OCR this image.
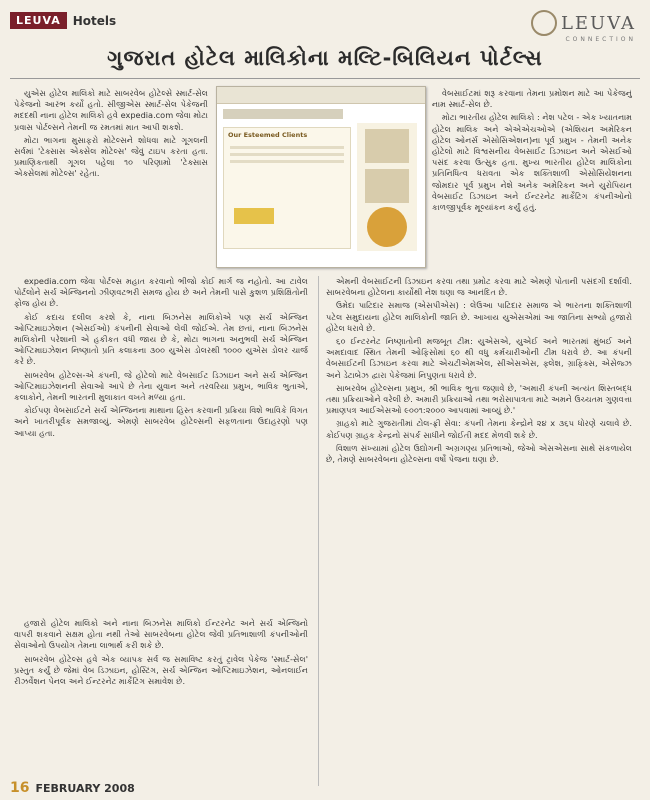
LEUVA	Hotels	LEUVA
CONNECTION
ગુજરાત હોટેલ માલિકોના મલ્ટિ-બિલિયન પોર્ટલ્સ

યુએસ હોટેલ માલિકો માટે સાબરવેબ હોટેલ્સે સ્માર્ટ-સેલ પેકેજનો આરંભ કર્યો હતો. સીજીએસ સ્માર્ટ-સેલ પેકેજની મદદથી નાના હોટેલ માલિકો હવે expedia.com જેવા મોટા પ્રવાસ પોર્ટલ્સને તેમની જ રમતમાં માત આપી શકશે.

મોટા ભાગના મુસાફરો મોટેલ્સને શોધવા માટે ગૂગલની સર્વમાં 'ટેક્સાસ એક્સેલ મોટેલ્સ' જેવું ટાઇપ કરતા હતા. પ્રમાણિકતાથી ગૂગલ પહેલા ૧૦ પરિણામો 'ટેક્સાસ એક્સેલમાં મોટેલ્સ' રહેતા.

Our Esteemed Clients

વેબસાઈટમાં શરૂ કરવાના તેમના પ્રમોશન માટે આ પેકેજનું નામ સ્માર્ટ-સેલ છે.

મોટા ભારતીય હોટેલ માલિકો : નેશ પટેલ - એક ખ્યાતનામ હોટેલ માલિક અને એએએચઓએ (એશિયન અમેરિકન હોટેલ ઓનર્સ એસોસિએશન)ના પૂર્વ પ્રમુખ - તેમની અનેક હોટેલો માટે વિશ્વસનીય વેબસાઈટ ડિઝાઇન અને એસઈઓ પસંદ કરવા ઉત્સુક હતા. મુખ્ય ભારતીય હોટેલ માલિકોના પ્રતિનિધિત્વ ધરાવતા એક શક્તિશાળી એસોસિયેશનના જોમદાર પૂર્વ પ્રમુખ નેશે અનેક અમેરિકન અને યુરોપિયન વેબસાઈટ ડિઝાઇન અને ઈન્ટરનેટ માર્કેટિંગ કંપનીઓનો કાળજીપૂર્વક મૂલ્યાંકન કર્યું હતું.

expedia.com જેવા પોર્ટલ્સ મહાત કરવાનો ભીજો કોઈ માર્ગ જ નહોતો. આ ટાવેલ પોર્ટલોને સર્ચ એન્જિનનો ઝીણવટભરી સમજ હોય છે અને તેમની પાસે કુશળ પ્રશિક્ષિતોની ફોજ હોય છે.

કોઈ કદાચ દલીલ કરશે કે, નાના બિઝનેસ માલિકોએ પણ સર્ચ એન્જિન ઓપ્ટિમાઇઝેશન (એસઈઓ) કંપનીની સેવાઓ લેવી જોઈએ. તેમ છતાં, નાના બિઝનેસ માલિકોની પરેશાની એ હકીકત વધી જાય છે કે, મોટા ભાગના અનુભવી સર્ચ એન્જિન ઓપ્ટિમાઇઝેશન નિષ્ણાતો પ્રતિ કલાકના ૩૦૦ યુએસ ડોલરથી ૧૦૦૦ યુએસ ડોલર ચાર્જ કરે છે.

સાબરવેબ હોટેલ્સ-એ કંપની, જે હોટેલો માટે વેબસાઈટ ડિઝાઇન અને સર્ચ એન્જિન ઓપ્ટિમાઇઝેશનની સેવાઓ આપે છે તેના યુવાન અને તરવરિયા પ્રમુખ, ભાવિક ભુતાએ, કલાકોને, તેમની ભારતની મુલાકાત વખતે મળ્યા હતા.

કોઈપણ વેબસાઈટને સર્ચ એન્જિનના માથાના હિસ્ત કરવાની પ્રક્રિયા વિશે ભાવિકે વિગત અને ખાતરીપૂર્વક સમજાવ્યું. એમણે સાબરવેબ હોટેલ્સની સફળતાના ઉદાહરણો પણ આપ્યા હતા.

હજારો હોટેલ માલિકો અને નાના બિઝનેસ માલિકો ઈન્ટરનેટ અને સર્ચ એન્જિનો વાપરી શકવાને સક્ષમ હોતા નથી તેઓ સાબરવેબના હોટેલ જેવી પ્રતિભાશાળી કંપનીઓની સેવાઓનો ઉપયોગ તેમના લાભાર્થ કરી શકે છે.

સાબરવેબ હોટેલ્સ હવે એક વ્યાપક સર્વ જ સમાવિષ્ટ કરતું ટ્રાવેલ પેકેજ 'સ્માર્ટ-સેલ' પ્રસ્તુત કર્યું છે જેમાં વેબ ડિઝાઇન, હોસ્ટિંગ, સર્ચ એન્જિન ઓપ્ટિમાઇઝેશન, ઓનલાઈન રીઝર્વેશન પેનલ અને ઈન્ટરનેટ માર્કેટિંગ સમાવેશ છે.

એમની વેબસાઈટની ડિઝાઇન કરવા તથા પ્રમોટ કરવા માટે એમણે પોતાની પસંદગી દર્શાવી. સાબરવેબના હોટેલના કાર્યોથી નેશ ઘણા જ આનંદિત છે.

ઉમેદા પાટિદાર સમાજ (એસપીએસ) : લેઉઆ પાટિદાર સમાજ એ ભારતના શક્તિશાળી પટેલ સમુદાયના હોટેલ માલિકોની જાતિ છે. આખાય યુએસએમાં આ જાતિના સભ્યો હજારો હોટેલ ધરાવે છે.

૬૦ ઈન્ટરનેટ નિષ્ણાતોની મજબૂત ટીમ: યુએસએ, યુએઈ અને ભારતમાં મુંબઈ અને અમદાવાદ સ્થિત તેમની ઓફિસોમાં ૬૦ થી વધુ કર્મચારીઓની ટીમ ધરાવે છે. આ કંપની વેબસાઈટની ડિઝાઇન કરવા માટે એચટીએમએલ, સીએસએસ, ફ્લેશ, ગ્રાફિક્સ, એસેજ્ઝ અને ડેટાબેઝ દ્વારા પેકેજમાં નિપુણતા ધરાવે છે.

સાબરવેબ હોટેલ્સના પ્રમુખ, શ્રી ભાવિક ભુતા જણાવે છે, 'અમારી કંપની અત્યંત શિસ્તબદ્ધ તથા પ્રક્રિયાઓને વરેલી છે. અમારી પ્રક્રિયાઓ તથા ભરોસાપાત્રતા માટે અમને ઉચ્ચતમ ગુણવત્તા પ્રમાણપત્ર આઈએસઓ ૯૦૦૧:૨૦૦૦ આપવામાં આવ્યું છે.'

ગ્રાહકો માટે ગુજરાતીમાં ટોલ-ફ્રી સેવા: કંપની તેમના કેન્દ્રોને ૨૪ x ૩૬૫ ધોરણે ચલાવે છે. કોઈપણ ગ્રાહક કેન્દ્રનો સંપર્ક સાધીને જોઈતી મદદ મેળવી શકે છે.

વિશાળ સંખ્યામાં હોટેલ ઉદ્યોગની અગ્રગણ્ય પ્રતિભાઓ, જેઓ એસએસના સાથે સંકળાયેલ છે, તેમણે સાબરવેબના હોટેલ્સના વર્ષો પેજના ઘણા છે.

16 FEBRUARY 2008
